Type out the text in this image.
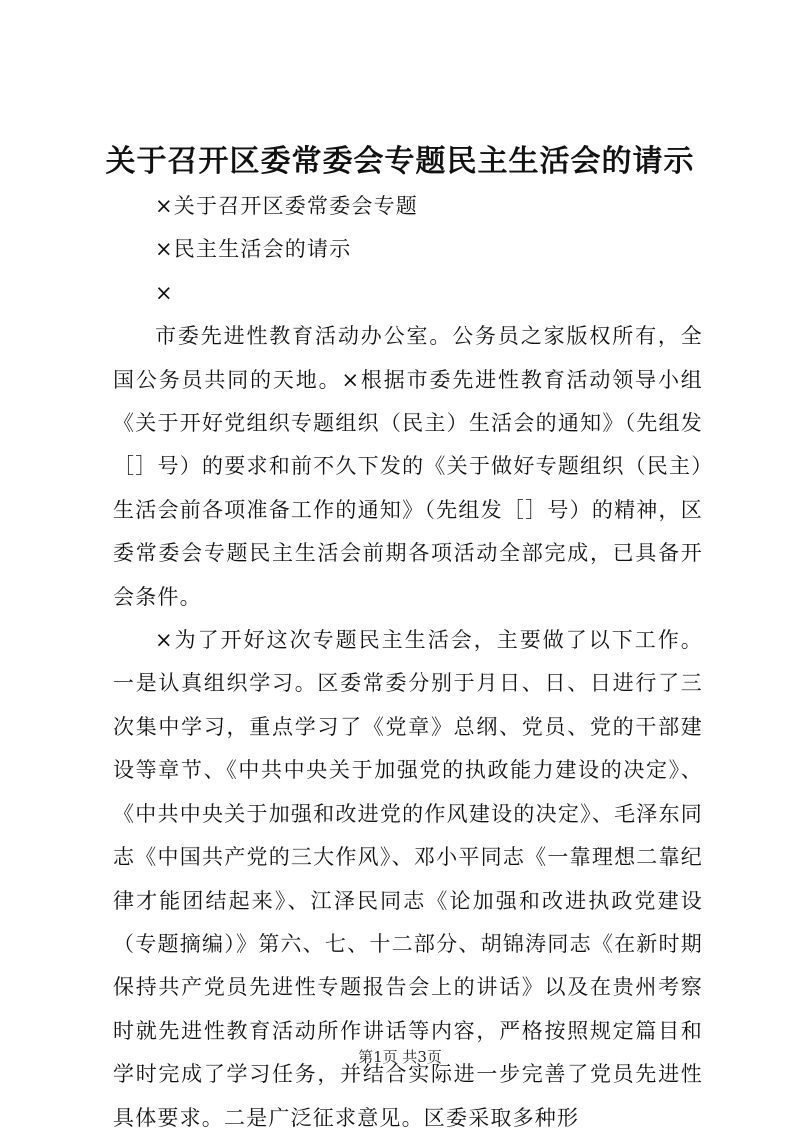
关于召开区委常委会专题民主生活会的请示

×关于召开区委常委会专题

×民主生活会的请示

×

市委先进性教育活动办公室。公务员之家版权所有，全国公务员共同的天地。×根据市委先进性教育活动领导小组《关于开好党组织专题组织（民主）生活会的通知》（先组发［］号）的要求和前不久下发的《关于做好专题组织（民主）生活会前各项准备工作的通知》（先组发［］号）的精神，区委常委会专题民主生活会前期各项活动全部完成，已具备开会条件。

×为了开好这次专题民主生活会，主要做了以下工作。一是认真组织学习。区委常委分别于月日、日、日进行了三次集中学习，重点学习了《党章》总纲、党员、党的干部建设等章节、《中共中央关于加强党的执政能力建设的决定》、《中共中央关于加强和改进党的作风建设的决定》、毛泽东同志《中国共产党的三大作风》、邓小平同志《一靠理想二靠纪律才能团结起来》、江泽民同志《论加强和改进执政党建设（专题摘编）》第六、七、十二部分、胡锦涛同志《在新时期保持共产党员先进性专题报告会上的讲话》以及在贵州考察时就先进性教育活动所作讲话等内容，严格按照规定篇目和学时完成了学习任务，并结合实际进一步完善了党员先进性具体要求。二是广泛征求意见。区委采取多种形

第1页 共3页
